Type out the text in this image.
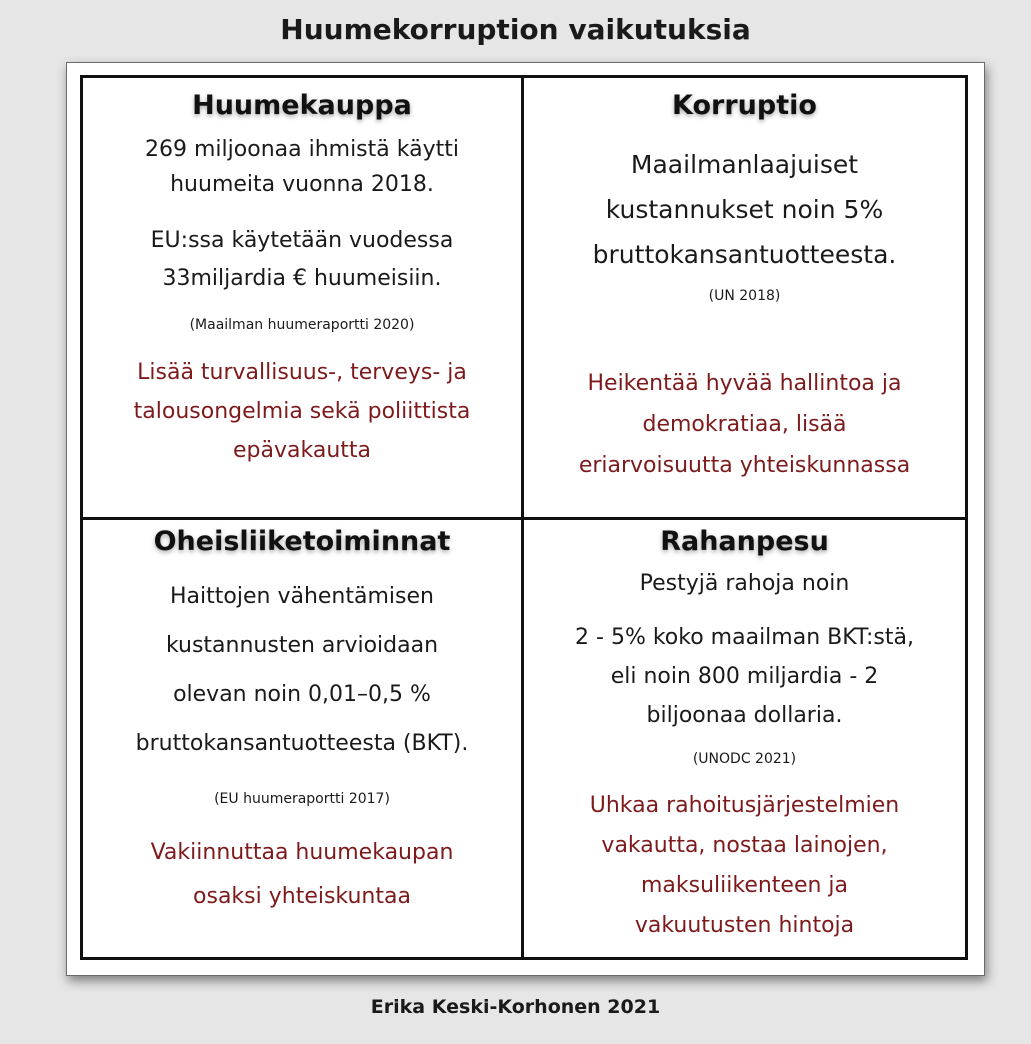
Huumekorruption vaikutuksia
Huumekauppa
269 miljoonaa ihmistä käytti
huumeita vuonna 2018.
EU:ssa käytetään vuodessa
33miljardia € huumeisiin.
(Maailman huumeraportti 2020)
Lisää turvallisuus-, terveys- ja
talousongelmia sekä poliittista
epävakautta
Korruptio
Maailmanlaajuiset
kustannukset noin 5%
bruttokansantuotteesta.
(UN 2018)
Heikentää hyvää hallintoa ja
demokratiaa, lisää
eriarvoisuutta yhteiskunnassa
Oheisliiketoiminnat
Haittojen vähentämisen
kustannusten arvioidaan
olevan noin 0,01–0,5 %
bruttokansantuotteesta (BKT).
(EU huumeraportti 2017)
Vakiinnuttaa huumekaupan
osaksi yhteiskuntaa
Rahanpesu
Pestyjä rahoja noin
2 - 5% koko maailman BKT:stä,
eli noin 800 miljardia - 2
biljoonaa dollaria.
(UNODC 2021)
Uhkaa rahoitusjärjestelmien
vakautta, nostaa lainojen,
maksuliikenteen ja
vakuutusten hintoja
Erika Keski-Korhonen 2021
